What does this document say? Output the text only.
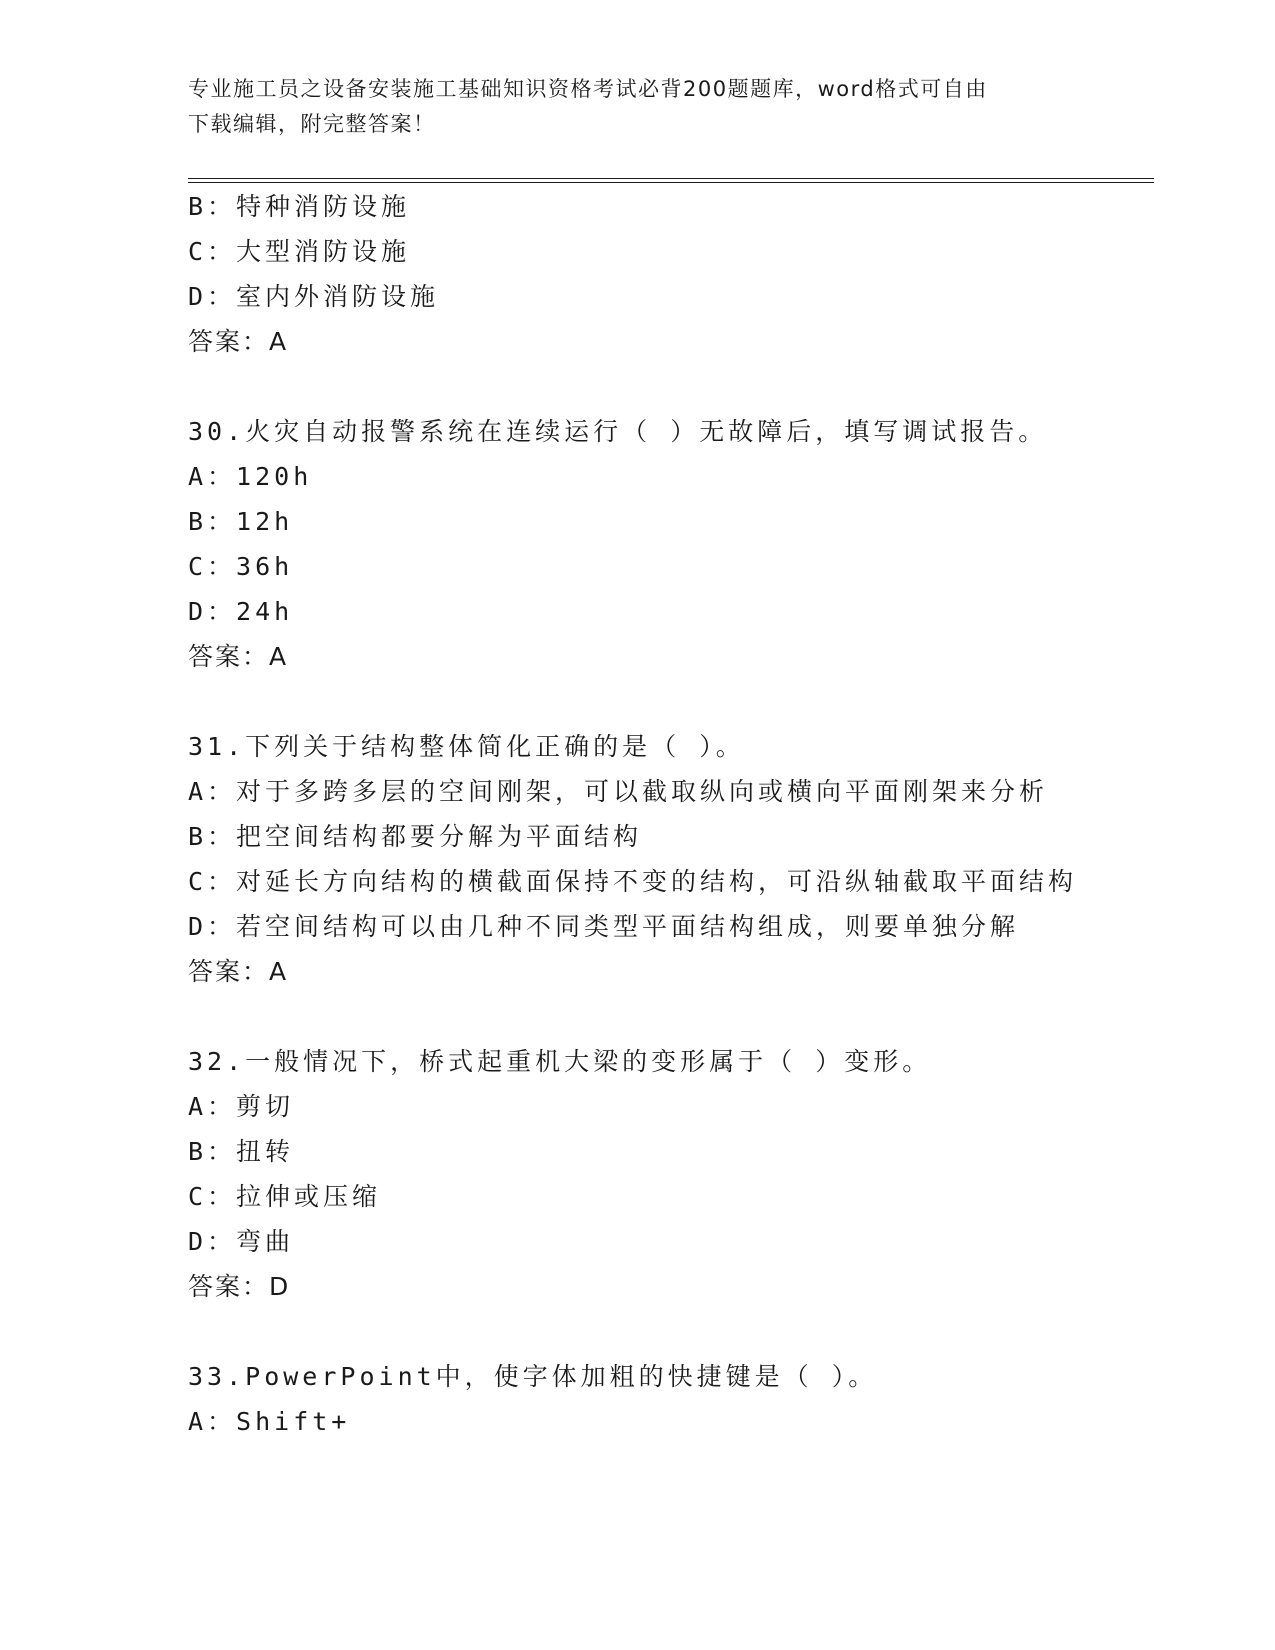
专业施工员之设备安装施工基础知识资格考试必背200题题库，word格式可自由
下载编辑，附完整答案！
B：特种消防设施
C：大型消防设施
D：室内外消防设施
答案：A
30.火灾自动报警系统在连续运行（ ）无故障后，填写调试报告。
A：120h
B：12h
C：36h
D：24h
答案：A
31.下列关于结构整体简化正确的是（ ）。
A：对于多跨多层的空间刚架，可以截取纵向或横向平面刚架来分析
B：把空间结构都要分解为平面结构
C：对延长方向结构的横截面保持不变的结构，可沿纵轴截取平面结构
D：若空间结构可以由几种不同类型平面结构组成，则要单独分解
答案：A
32.一般情况下，桥式起重机大梁的变形属于（ ）变形。
A：剪切
B：扭转
C：拉伸或压缩
D：弯曲
答案：D
33.PowerPoint中，使字体加粗的快捷键是（ ）。
A：Shift+
